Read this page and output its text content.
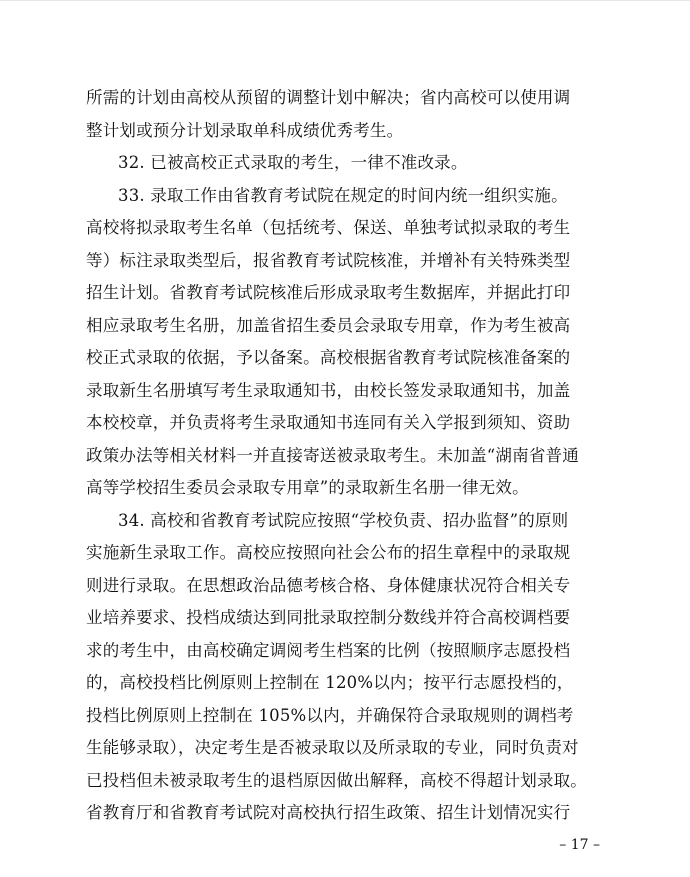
所需的计划由高校从预留的调整计划中解决；省内高校可以使用调
整计划或预分计划录取单科成绩优秀考生。
32. 已被高校正式录取的考生，一律不准改录。
33. 录取工作由省教育考试院在规定的时间内统一组织实施。
高校将拟录取考生名单（包括统考、保送、单独考试拟录取的考生
等）标注录取类型后，报省教育考试院核准，并增补有关特殊类型
招生计划。省教育考试院核准后形成录取考生数据库，并据此打印
相应录取考生名册，加盖省招生委员会录取专用章，作为考生被高
校正式录取的依据，予以备案。高校根据省教育考试院核准备案的
录取新生名册填写考生录取通知书，由校长签发录取通知书，加盖
本校校章，并负责将考生录取通知书连同有关入学报到须知、资助
政策办法等相关材料一并直接寄送被录取考生。未加盖“湖南省普通
高等学校招生委员会录取专用章”的录取新生名册一律无效。
34. 高校和省教育考试院应按照“学校负责、招办监督”的原则
实施新生录取工作。高校应按照向社会公布的招生章程中的录取规
则进行录取。在思想政治品德考核合格、身体健康状况符合相关专
业培养要求、投档成绩达到同批录取控制分数线并符合高校调档要
求的考生中，由高校确定调阅考生档案的比例（按照顺序志愿投档
的，高校投档比例原则上控制在 120%以内；按平行志愿投档的，
投档比例原则上控制在 105%以内，并确保符合录取规则的调档考
生能够录取），决定考生是否被录取以及所录取的专业，同时负责对
已投档但未被录取考生的退档原因做出解释，高校不得超计划录取。
省教育厅和省教育考试院对高校执行招生政策、招生计划情况实行
– 17 –
